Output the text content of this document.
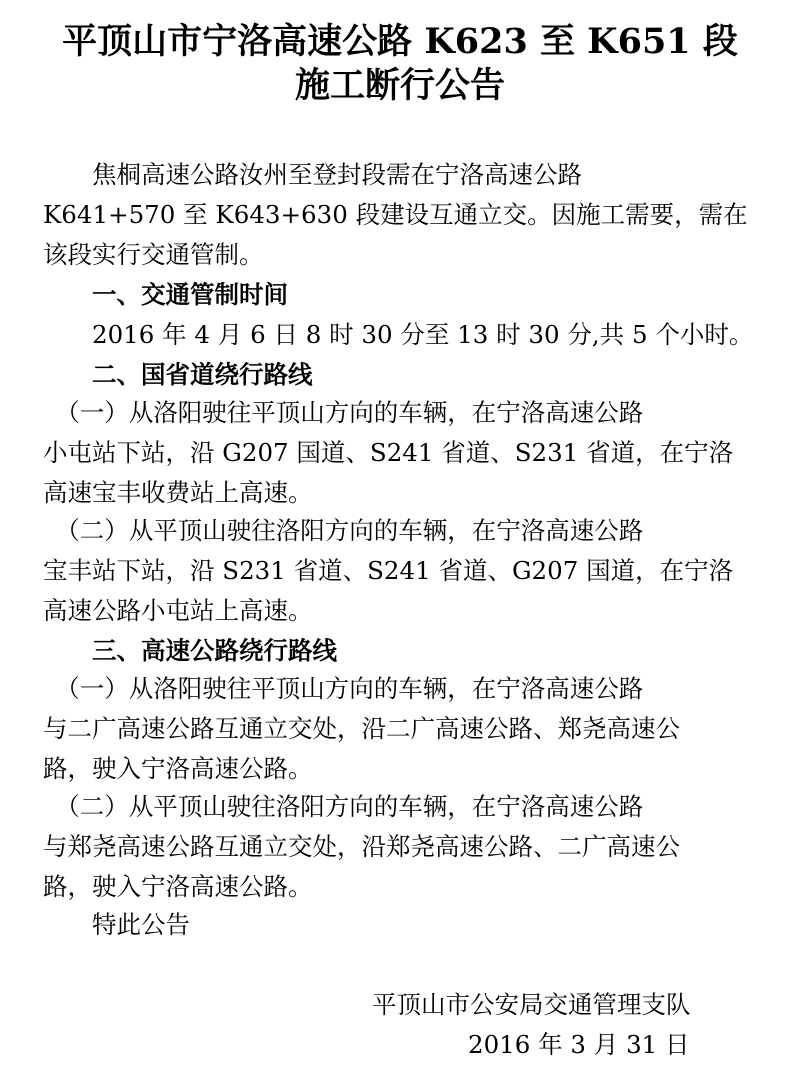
平顶山市宁洛高速公路 K623 至 K651 段
施工断行公告
　　焦桐高速公路汝州至登封段需在宁洛高速公路
K641+570 至 K643+630 段建设互通立交。因施工需要，需在
该段实行交通管制。
　　一、交通管制时间
　　2016 年 4 月 6 日 8 时 30 分至 13 时 30 分,共 5 个小时。
　　二、国省道绕行路线
　（一）从洛阳驶往平顶山方向的车辆，在宁洛高速公路
小屯站下站，沿 G207 国道、S241 省道、S231 省道，在宁洛
高速宝丰收费站上高速。
　（二）从平顶山驶往洛阳方向的车辆，在宁洛高速公路
宝丰站下站，沿 S231 省道、S241 省道、G207 国道，在宁洛
高速公路小屯站上高速。
　　三、高速公路绕行路线
　（一）从洛阳驶往平顶山方向的车辆，在宁洛高速公路
与二广高速公路互通立交处，沿二广高速公路、郑尧高速公
路，驶入宁洛高速公路。
　（二）从平顶山驶往洛阳方向的车辆，在宁洛高速公路
与郑尧高速公路互通立交处，沿郑尧高速公路、二广高速公
路，驶入宁洛高速公路。
　　特此公告
平顶山市公安局交通管理支队
2016 年 3 月 31 日
